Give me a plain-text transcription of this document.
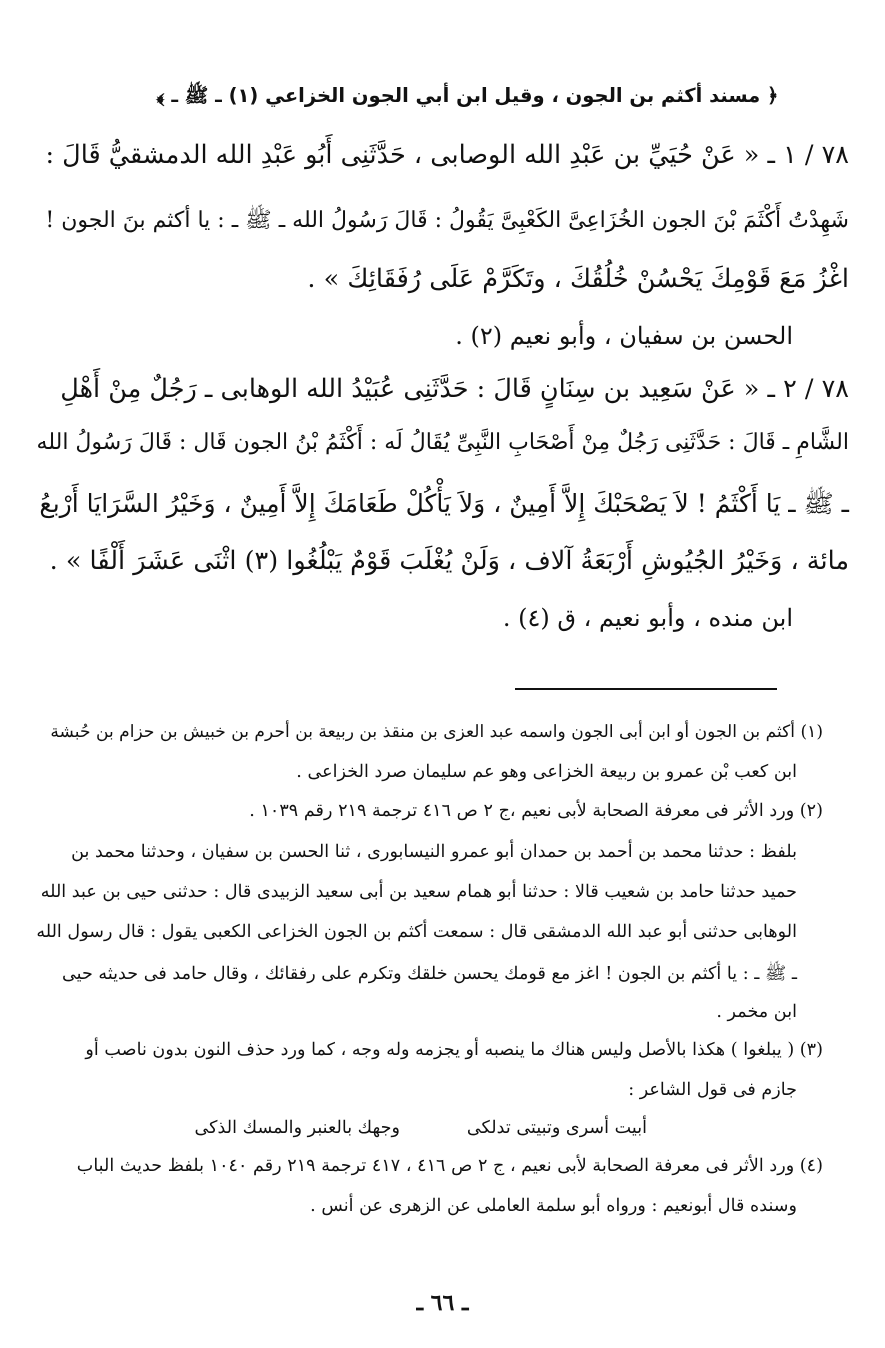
﴿ مسند أكثم بن الجون ، وقيل ابن أبي الجون الخزاعي (١) ـ ﷺ ـ ﴾
٧٨ / ١ ـ « عَنْ حُيَيِّ بن عَبْدِ الله الوصابى ، حَدَّثَنِى أَبُو عَبْدِ الله الدمشقيُّ قَالَ :
شَهِدْتُ أَكْثَمَ بْنَ الجون الخُزَاعِىَّ الكَعْبِىَّ يَقُولُ : قَالَ رَسُولُ الله ـ ﷺ ـ : يا أكثم بنَ الجون !
اغْزُ مَعَ قَوْمِكَ يَحْسُنْ خُلُقُكَ ، وتَكَرَّمْ عَلَى رُفَقَائِكَ » .
الحسن بن سفيان ، وأبو نعيم (٢) .
٧٨ / ٢ ـ « عَنْ سَعِيد بن سِنَانٍ قَالَ : حَدَّثَنِى عُبَيْدُ الله الوهابى ـ رَجُلٌ مِنْ أَهْلِ
الشَّامِ ـ قَالَ : حَدَّثَنِى رَجُلٌ مِنْ أَصْحَابِ النَّبِىِّ يُقَالُ لَه : أَكْثَمُ بْنُ الجون قَال : قَالَ رَسُولُ الله
ـ ﷺ ـ يَا أَكْثَمُ ! لاَ يَصْحَبْكَ إِلاَّ أَمِينٌ ، وَلاَ يَأْكُلْ طَعَامَكَ إِلاَّ أَمِينٌ ، وَخَيْرُ السَّرَايَا أَرْبعُ
مائة ، وَخَيْرُ الجُيُوشِ أَرْبَعَةُ آلاف ، وَلَنْ يُغْلَبَ قَوْمٌ يَبْلُغُوا (٣) اثْنَى عَشَرَ أَلْفًا » .
ابن منده ، وأبو نعيم ، ق (٤) .
(١) أكثم بن الجون أو ابن أبى الجون واسمه عبد العزى بن منقذ بن ربيعة بن أحرم بن خبيش بن حزام بن حُبشة
ابن كعب بْن عمرو بن ربيعة الخزاعى وهو عم سليمان صرد الخزاعى .
(٢) ورد الأثر فى معرفة الصحابة لأبى نعيم ،ج ٢ ص ٤١٦ ترجمة ٢١٩ رقم ١٠٣٩ .
بلفظ : حدثنا محمد بن أحمد بن حمدان أبو عمرو النيسابورى ، ثنا الحسن بن سفيان ، وحدثنا محمد بن
حميد حدثنا حامد بن شعيب قالا : حدثنا أبو همام سعيد بن أبى سعيد الزبيدى قال : حدثنى حيى بن عبد الله
الوهابى حدثنى أبو عبد الله الدمشقى قال : سمعت أكثم بن الجون الخزاعى الكعبى يقول : قال رسول الله
ـ ﷺ ـ : يا أكثم بن الجون ! اغز مع قومك يحسن خلقك وتكرم على رفقائك ، وقال حامد فى حديثه حيى
ابن مخمر .
(٣) ( يبلغوا ) هكذا بالأصل وليس هناك ما ينصبه أو يجزمه وله وجه ، كما ورد حذف النون بدون ناصب أو
جازم فى قول الشاعر :
أبيت أسرى وتبيتى تدلكى
وجهك بالعنبر والمسك الذكى
(٤) ورد الأثر فى معرفة الصحابة لأبى نعيم ، ج ٢ ص ٤١٦ ، ٤١٧ ترجمة ٢١٩ رقم ١٠٤٠ بلفظ حديث الباب
وسنده قال أبونعيم : ورواه أبو سلمة العاملى عن الزهرى عن أنس .
ـ ٦٦ ـ
